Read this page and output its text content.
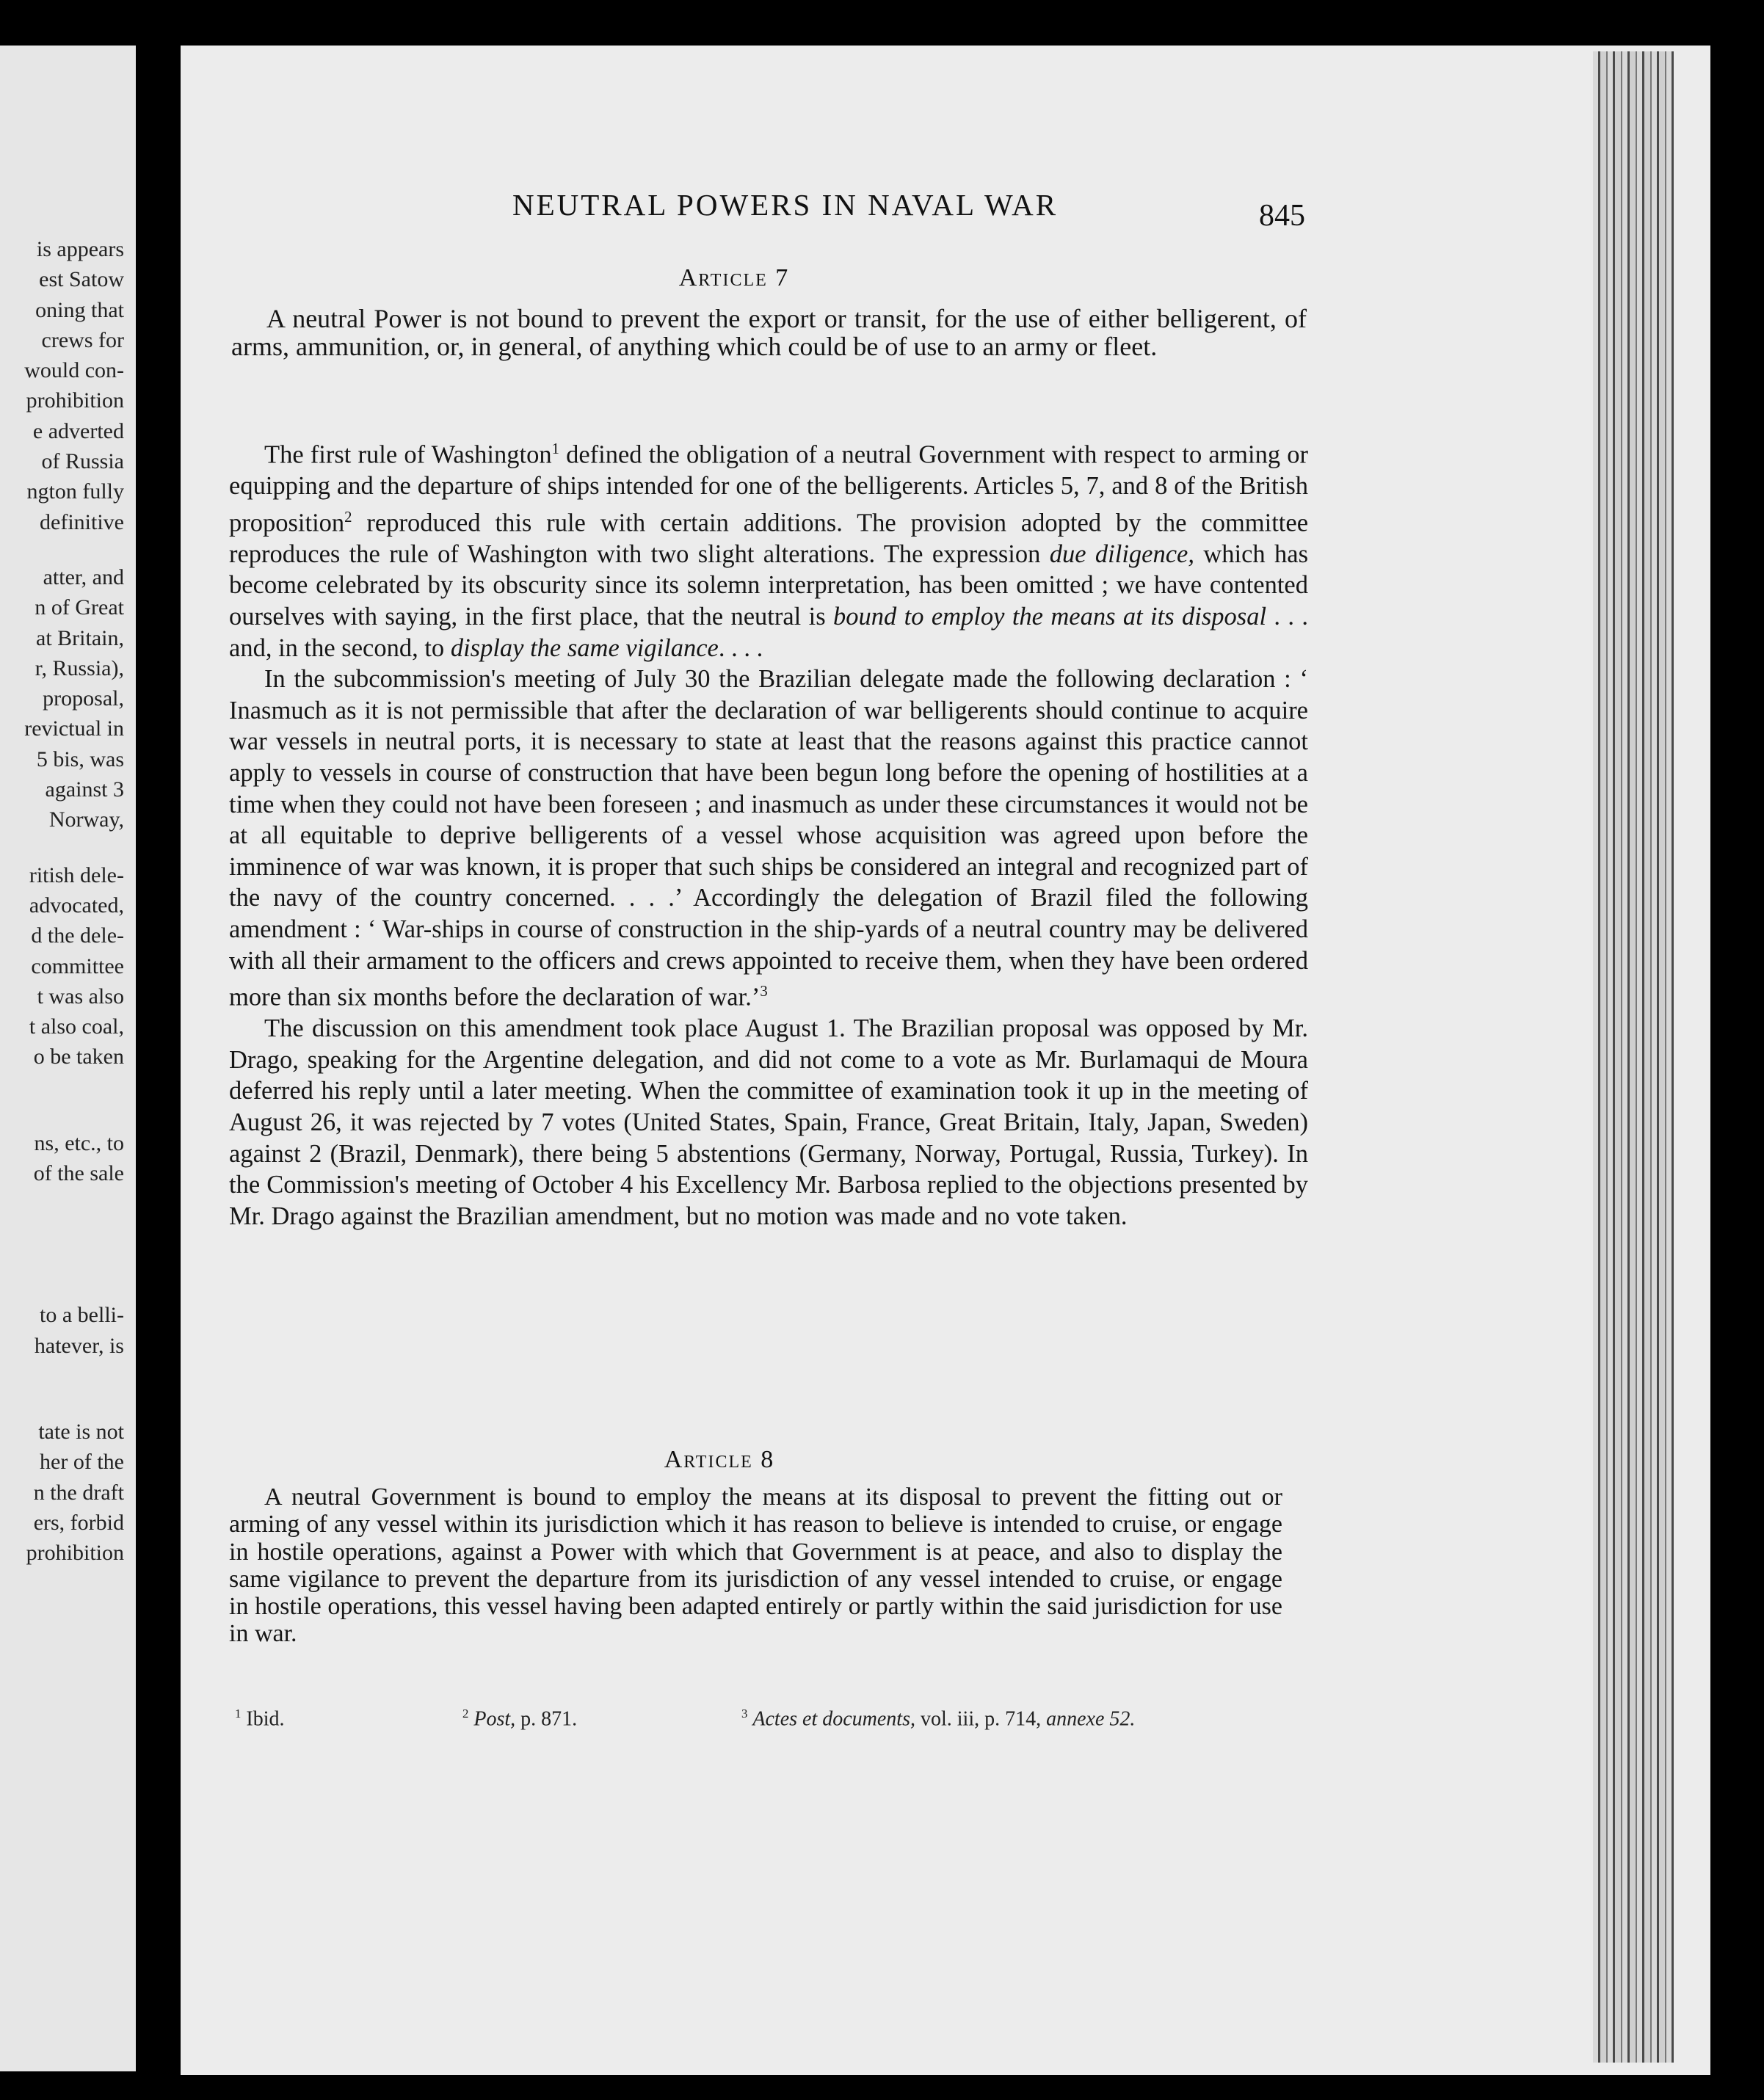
is appears
est Satow
oning that
crews for
would con-
prohibition
e adverted
of Russia
ngton fully
definitive
atter, and
n of Great
at Britain,
r, Russia),
proposal,
revictual in
5 bis, was
against 3
Norway,
ritish dele-
advocated,
d the dele-
committee
t was also
t also coal,
o be taken
ns, etc., to
of the sale
to a belli-
hatever, is
tate is not
her of the
n the draft
ers, forbid
prohibition
NEUTRAL POWERS IN NAVAL WAR	845
Article 7

A neutral Power is not bound to prevent the export or transit, for the use of either belligerent, of arms, ammunition, or, in general, of anything which could be of use to an army or fleet.

The first rule of Washington$^1$ defined the obligation of a neutral Government with respect to arming or equipping and the departure of ships intended for one of the belligerents. Articles 5, 7, and 8 of the British proposition$^2$ reproduced this rule with certain additions. The provision adopted by the committee reproduces the rule of Washington with two slight alterations. The expression due diligence, which has become celebrated by its obscurity since its solemn interpretation, has been omitted ; we have contented ourselves with saying, in the first place, that the neutral is bound to employ the means at its disposal . . . and, in the second, to display the same vigilance. . . .

In the subcommission's meeting of July 30 the Brazilian delegate made the following declaration : ‘ Inasmuch as it is not permissible that after the declaration of war belligerents should continue to acquire war vessels in neutral ports, it is necessary to state at least that the reasons against this practice cannot apply to vessels in course of construction that have been begun long before the opening of hostilities at a time when they could not have been foreseen ; and inasmuch as under these circumstances it would not be at all equitable to deprive belligerents of a vessel whose acquisition was agreed upon before the imminence of war was known, it is proper that such ships be considered an integral and recognized part of the navy of the country concerned. . . .’ Accordingly the delegation of Brazil filed the following amendment : ‘ War-ships in course of construction in the ship-yards of a neutral country may be delivered with all their armament to the officers and crews appointed to receive them, when they have been ordered more than six months before the declaration of war.’$^3$

The discussion on this amendment took place August 1. The Brazilian proposal was opposed by Mr. Drago, speaking for the Argentine delegation, and did not come to a vote as Mr. Burlamaqui de Moura deferred his reply until a later meeting. When the committee of examination took it up in the meeting of August 26, it was rejected by 7 votes (United States, Spain, France, Great Britain, Italy, Japan, Sweden) against 2 (Brazil, Denmark), there being 5 abstentions (Germany, Norway, Portugal, Russia, Turkey). In the Commission's meeting of October 4 his Excellency Mr. Barbosa replied to the objections presented by Mr. Drago against the Brazilian amendment, but no motion was made and no vote taken.

Article 8

A neutral Government is bound to employ the means at its disposal to prevent the fitting out or arming of any vessel within its jurisdiction which it has reason to believe is intended to cruise, or engage in hostile operations, against a Power with which that Government is at peace, and also to display the same vigilance to prevent the departure from its jurisdiction of any vessel intended to cruise, or engage in hostile operations, this vessel having been adapted entirely or partly within the said jurisdiction for use in war.

$^1$ Ibid.	$^2$ Post, p. 871.	$^3$ Actes et documents, vol. iii, p. 714, annexe 52.
